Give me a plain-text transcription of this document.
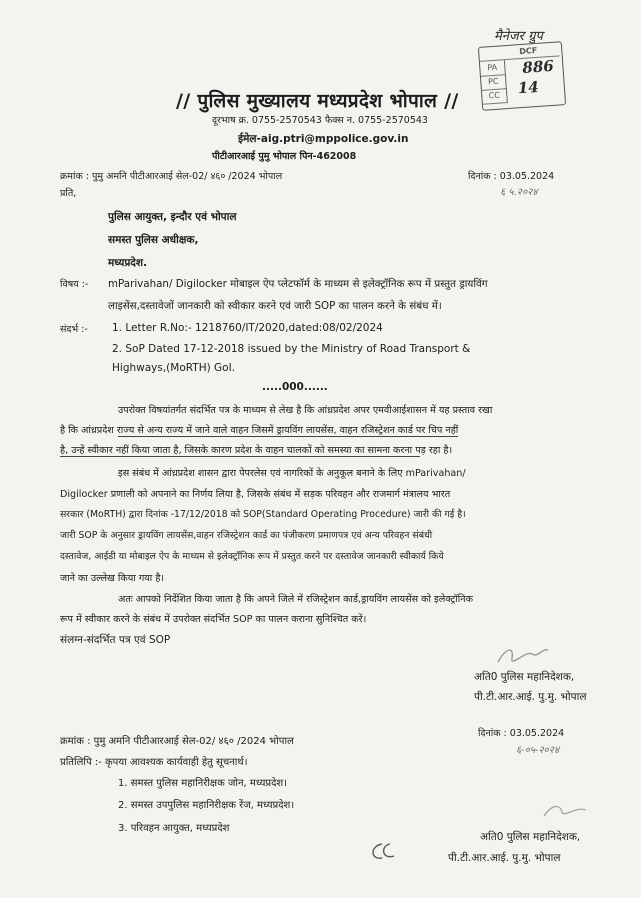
मैनेजर ग्रुप
DCF
PA
PC
CC
886
14
// पुलिस मुख्यालय मध्यप्रदेश भोपाल //
दूरभाष क्र. 0755-2570543 फैक्स न. 0755-2570543
ईमेल-aig.ptri@mppolice.gov.in
पीटीआरआई पुमु भोपाल पिन-462008
क्रमांक : पुमु अमनि पीटीआरआई सेल-02/ ४६० /2024 भोपाल	दिनांक : 03.05.2024
६ ५.२०२४
प्रति,
पुलिस आयुक्त, इन्दौर एवं भोपाल
समस्त पुलिस अधीक्षक,
मध्यप्रदेश.
विषय :- mParivahan/ Digilocker मोबाइल ऐप प्लेटफॉर्म के माध्यम से इलेक्ट्रॉनिक रूप में प्रस्तुत ड्रायविंग
लाइसेंस,दस्तावेजों जानकारी को स्वीकार करने एवं जारी SOP का पालन करने के संबंध में।
संदर्भ :- 1. Letter R.No:- 1218760/IT/2020,dated:08/02/2024
2. SoP Dated 17-12-2018 issued by the Ministry of Road Transport &
Highways,(MoRTH) GoI.
.....000......
उपरोक्त विषयांतर्गत संदर्भित पत्र के माध्यम से लेख है कि आंध्रप्रदेश अपर एमवीआईशासन में यह प्रस्ताव रखा
है कि आंध्रप्रदेश राज्य से अन्य राज्य में जाने वाले वाहन जिसमें ड्रायविंग लायसेंस, वाहन रजिस्ट्रेशन कार्ड पर चिप नहीं
है, उन्हें स्वीकार नहीं किया जाता है, जिसके कारण प्रदेश के वाहन चालकों को समस्या का सामना करना पड़ रहा है।
इस संबंध में आंध्रप्रदेश शासन द्वारा पेपरलेस एवं नागरिकों के अनुकूल बनाने के लिए mParivahan/
Digilocker प्रणाली को अपनाने का निर्णय लिया है, जिसके संबंध में सड़क परिवहन और राजमार्ग मंत्रालय भारत
सरकार (MoRTH) द्वारा दिनांक -17/12/2018 को SOP(Standard Operating Procedure) जारी की गई है।
जारी SOP के अनुसार ड्रायविंग लायसेंस,वाहन रजिस्ट्रेशन कार्ड का पंजीकरण प्रमाणपत्र एवं अन्य परिवहन संबंधी
दस्तावेज, आईडी या मोबाइल ऐप के माध्यम से इलेक्ट्रॉनिक रूप में प्रस्तुत करने पर दस्तावेज जानकारी स्वीकार्य किये
जाने का उल्लेख किया गया है।
अतः आपको निर्देशित किया जाता है कि अपने जिले में रजिस्ट्रेशन कार्ड,ड्रायविंग लायसेंस को इलेक्ट्रॉनिक
रूप में स्वीकार करने के संबंध में उपरोक्त संदर्भित SOP का पालन कराना सुनिश्चित करें।
संलग्न-संदर्भित पत्र एवं SOP
अति0 पुलिस महानिदेशक,
पी.टी.आर.आई. पु.मु. भोपाल
क्रमांक : पुमु अमनि पीटीआरआई सेल-02/ ४६० /2024 भोपाल
दिनांक : 03.05.2024
६-०५-२०२४
प्रतिलिपि :- कृपया आवश्यक कार्यवाही हेतु सूचनार्थ।
1. समस्त पुलिस महानिरीक्षक जोन, मध्यप्रदेश।
2. समस्त उपपुलिस महानिरीक्षक रेंज, मध्यप्रदेश।
3. परिवहन आयुक्त, मध्यप्रदेश
अति0 पुलिस महानिदेशक,
पी.टी.आर.आई. पु.मु. भोपाल
